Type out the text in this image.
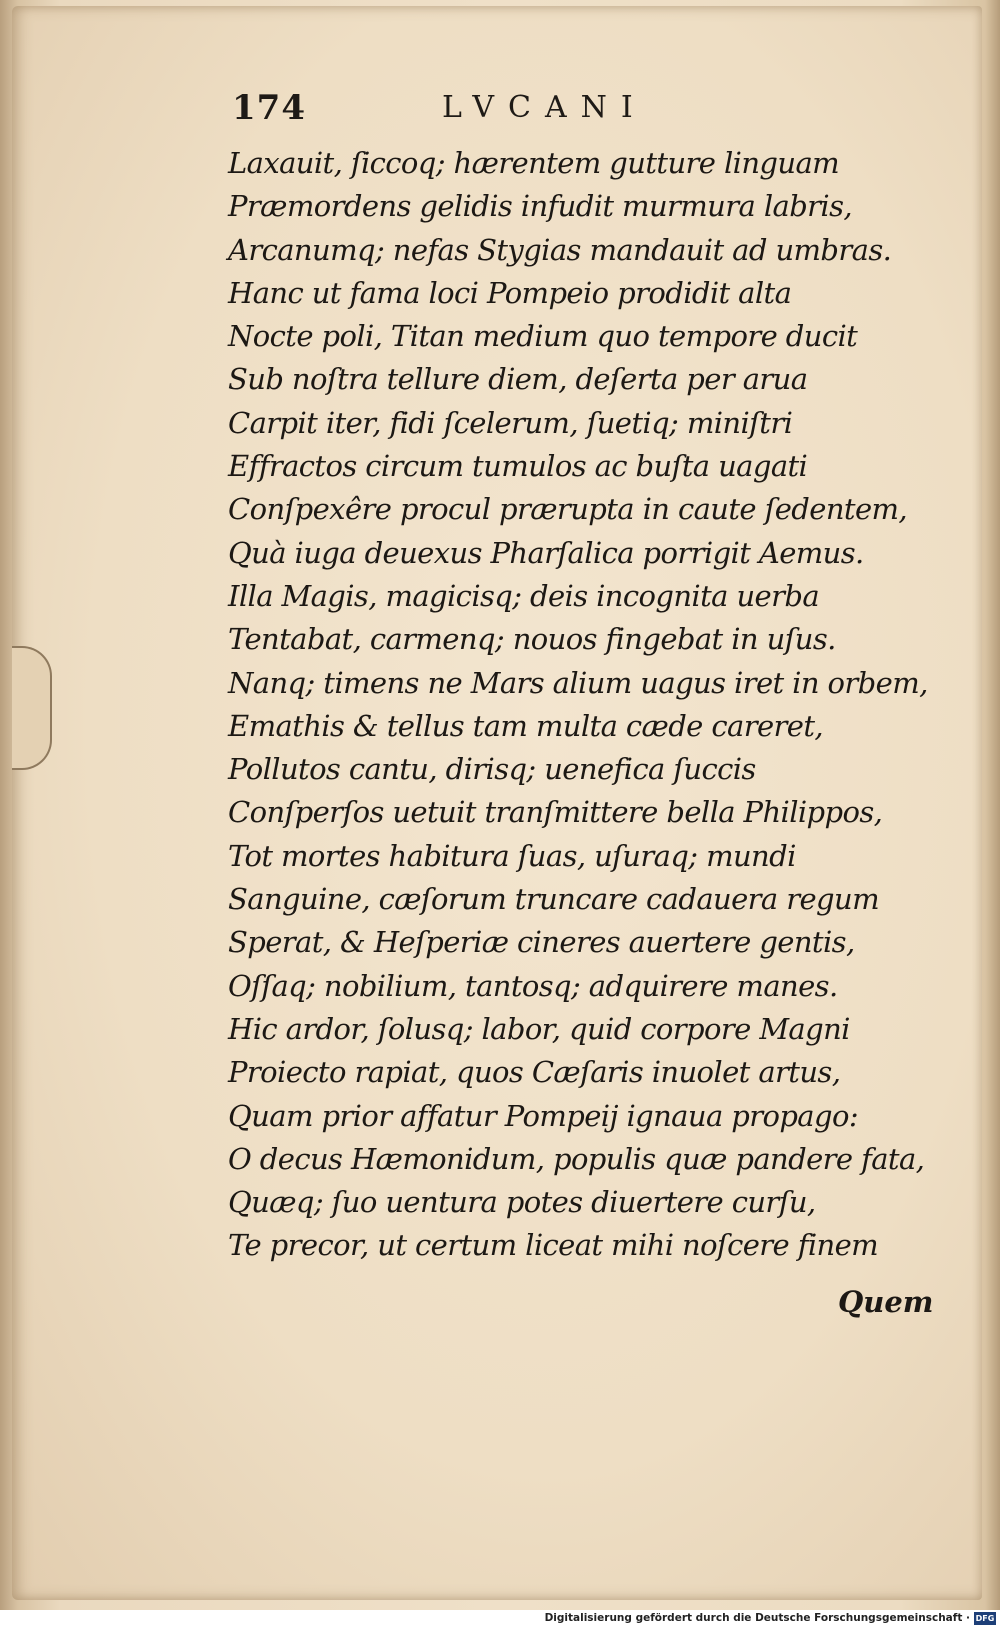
174	LVCANI
Laxauit, ſiccoq; hærentem gutture linguam
Præmordens gelidis infudit murmura labris,
Arcanumq; nefas Stygias mandauit ad umbras.
Hanc ut fama loci Pompeio prodidit alta
Nocte poli, Titan medium quo tempore ducit
Sub noſtra tellure diem, deſerta per arua
Carpit iter, fidi ſcelerum, ſuetiq; miniſtri
Effractos circum tumulos ac buſta uagati
Conſpexêre procul prærupta in caute ſedentem,
Quà iuga deuexus Pharſalica porrigit Aemus.
Illa Magis, magicisq; deis incognita uerba
Tentabat, carmenq; nouos fingebat in uſus.
Nanq; timens ne Mars alium uagus iret in orbem,
Emathis & tellus tam multa cæde careret,
Pollutos cantu, dirisq; uenefica ſuccis
Conſperſos uetuit tranſmittere bella Philippos,
Tot mortes habitura ſuas, uſuraq; mundi
Sanguine, cæſorum truncare cadauera regum
Sperat, & Heſperiæ cineres auertere gentis,
Oſſaq; nobilium, tantosq; adquirere manes.
Hic ardor, ſolusq; labor, quid corpore Magni
Proiecto rapiat, quos Cæſaris inuolet artus,
Quam prior affatur Pompeij ignaua propago:
O decus Hæmonidum, populis quæ pandere fata,
Quæq; ſuo uentura potes diuertere curſu,
Te precor, ut certum liceat mihi noſcere finem
Quem
Digitalisierung gefördert durch die Deutsche Forschungsgemeinschaft · DFG
